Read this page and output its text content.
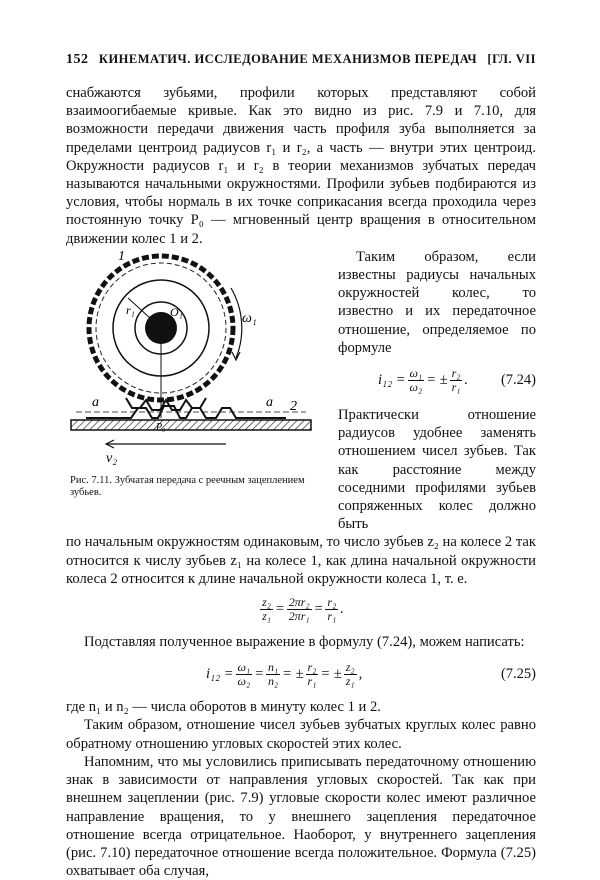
152 КИНЕМАТИЧ. ИССЛЕДОВАНИЕ МЕХАНИЗМОВ ПЕРЕДАЧ [ГЛ. VII

снабжаются зубьями, профили которых представляют собой взаимоогибаемые кривые. Как это видно из рис. 7.9 и 7.10, для возможности передачи движения часть профиля зуба выполняется за пределами центроид радиусов r₁ и r₂, а часть — внутри этих центроид. Окружности радиусов r₁ и r₂ в теории механизмов зубчатых передач называются начальными окружностями. Профили зубьев подбираются из условия, чтобы нормаль в их точке соприкасания всегда проходила через постоянную точку P₀ — мгновенный центр вращения в относительном движении колес 1 и 2.

1
ω₁
O₁
r₁
a	a 2
P₀
v₂
Рис. 7.11. Зубчатая передача с реечным зацеплением зубьев.

Таким образом, если известны радиусы начальных окружностей колес, то известно и их передаточное отношение, определяемое по формуле

$i_{12} = \frac{\text{ω₁}}{\text{ω₂}}$ = ± $\frac{\text{r₂}}{\text{r₁}}$ . (7.24)

Практически отношение радиусов удобнее заменять отношением чисел зубьев. Так как расстояние между соседними профилями зубьев сопряженных колес должно быть

по начальным окружностям одинаковым, то число зубьев z₂ на колесе 2 так относится к числу зубьев z₁ на колесе 1, как длина начальной окружности колеса 2 относится к длине начальной окружности колеса 1, т. е.

$\frac{\text{z₂}}{\text{z₁}} = \frac{\text{2πr₂}}{\text{2πr₁}} = \frac{\text{r₂}}{\text{r₁}}$ .

Подставляя полученное выражение в формулу (7.24), можем написать:

$i_{12} = \frac{\text{ω₁}}{\text{ω₂}} = \frac{\text{n₁}}{\text{n₂}}$ = ± $\frac{\text{r₂}}{\text{r₁}}$ = ± $\frac{\text{z₂}}{\text{z₁}}$ ,	(7.25)

где n₁ и n₂ — числа оборотов в минуту колес 1 и 2.

Таким образом, отношение чисел зубьев зубчатых круглых колес равно обратному отношению угловых скоростей этих колес.

Напомним, что мы условились приписывать передаточному отношению знак в зависимости от направления угловых скоростей. Так как при внешнем зацеплении (рис. 7.9) угловые скорости колес имеют различное направление вращения, то у внешнего зацепления передаточное отношение всегда отрицательное. Наоборот, у внутреннего зацепления (рис. 7.10) передаточное отношение всегда положительное. Формула (7.25) охватывает оба случая,
